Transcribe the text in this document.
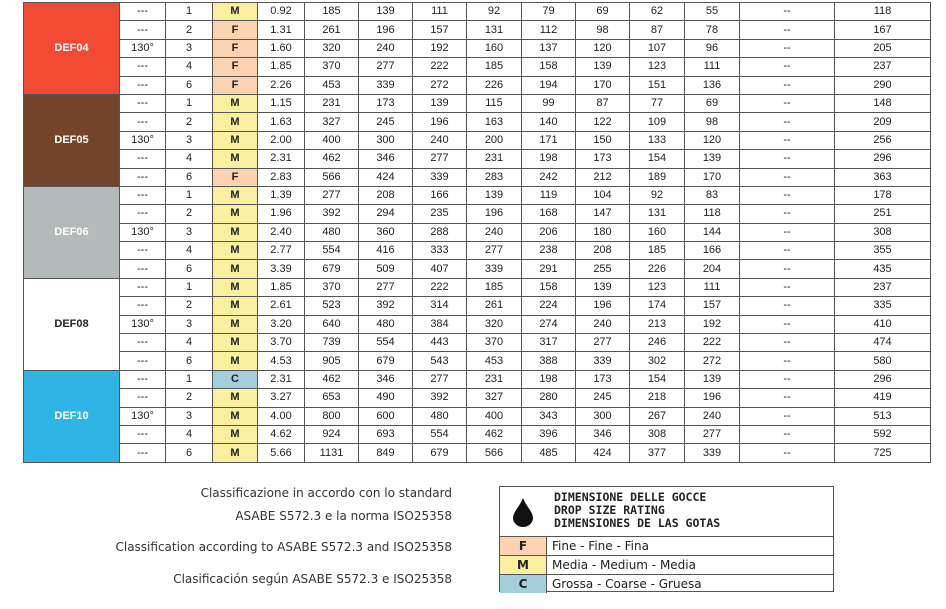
DEF04	---	1	M	0.92	185	139	111	92	79	69	62	55	--	118
	---	2	F	1.31	261	196	157	131	112	98	87	78	--	167
	130°	3	F	1.60	320	240	192	160	137	120	107	96	--	205
	---	4	F	1.85	370	277	222	185	158	139	123	111	--	237
	---	6	F	2.26	453	339	272	226	194	170	151	136	--	290
DEF05	---	1	M	1.15	231	173	139	115	99	87	77	69	--	148
	---	2	M	1.63	327	245	196	163	140	122	109	98	--	209
	130°	3	M	2.00	400	300	240	200	171	150	133	120	--	256
	---	4	M	2.31	462	346	277	231	198	173	154	139	--	296
	---	6	F	2.83	566	424	339	283	242	212	189	170	--	363
DEF06	---	1	M	1.39	277	208	166	139	119	104	92	83	--	178
	---	2	M	1.96	392	294	235	196	168	147	131	118	--	251
	130°	3	M	2.40	480	360	288	240	206	180	160	144	--	308
	---	4	M	2.77	554	416	333	277	238	208	185	166	--	355
	---	6	M	3.39	679	509	407	339	291	255	226	204	--	435
DEF08	---	1	M	1.85	370	277	222	185	158	139	123	111	--	237
	---	2	M	2.61	523	392	314	261	224	196	174	157	--	335
	130°	3	M	3.20	640	480	384	320	274	240	213	192	--	410
	---	4	M	3.70	739	554	443	370	317	277	246	222	--	474
	---	6	M	4.53	905	679	543	453	388	339	302	272	--	580
DEF10	---	1	C	2.31	462	346	277	231	198	173	154	139	--	296
	---	2	M	3.27	653	490	392	327	280	245	218	196	--	419
	130°	3	M	4.00	800	600	480	400	343	300	267	240	--	513
	---	4	M	4.62	924	693	554	462	396	346	308	277	--	592
	---	6	M	5.66	1131	849	679	566	485	424	377	339	--	725
Classificazione in accordo con lo standard
ASABE S572.3 e la norma ISO25358
Classification according to ASABE S572.3 and ISO25358
Clasificación según ASABE S572.3 e ISO25358
DIMENSIONE DELLE GOCCE
DROP SIZE RATING
DIMENSIONES DE LAS GOTAS
F	Fine - Fine - Fina
M	Media - Medium - Media
C	Grossa - Coarse - Gruesa
